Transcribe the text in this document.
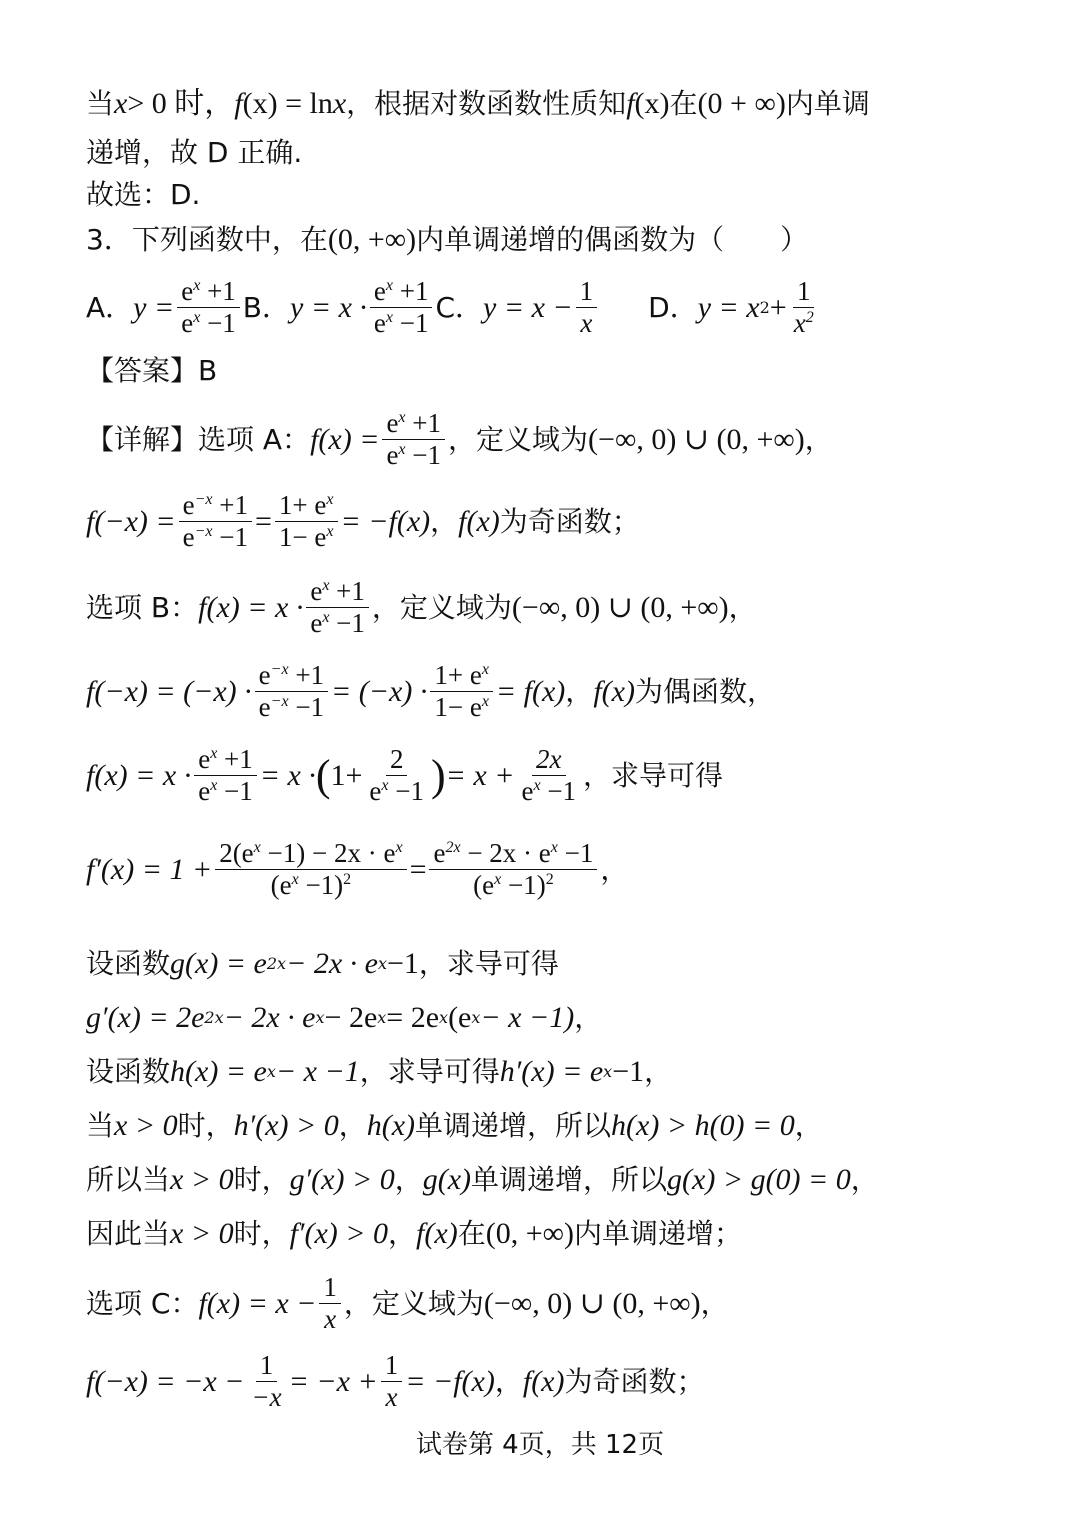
当 x > 0 时， f (x) = ln x ，根据对数函数性质知 f (x) 在 (0 + ∞) 内单调
递增，故 D 正确.
故选：D.
3．下列函数中，在 (0, +∞) 内单调递增的偶函数为（　　）
A． $y = \frac{e^x +1}{e^x -1}$ B． $y = x \cdot \frac{e^x +1}{e^x -1}$ C． $y = x - \frac{1}{x}$ D． y = x $2 + \frac{1}{x^2}$
【答案】B
【详解】选项 A： $f(x) = \frac{e^x +1}{e^x -1}$ ，定义域为 (−∞, 0) ∪ (0, +∞) ，
$f(-x) = \frac{e^{-x} +1}{e^{-x} -1} = \frac{1+ e^x}{1- e^x} = -f(x)$ ， f(x) 为奇函数；
选项 B： $f(x) = x \cdot \frac{e^x +1}{e^x -1}$ ，定义域为 (−∞, 0) ∪ (0, +∞) ，
$f(-x) = (-x) \cdot \frac{e^{-x} +1}{e^{-x} -1} = (-x) \cdot \frac{1+ e^x}{1- e^x} = f(x)$ ， f(x) 为偶函数，
$f(x) = x \cdot \frac{e^x +1}{e^x -1} = x$ · ( $1+ \frac{2}{e^x -1}$ ) = $x + \frac{2x}{e^x -1}$ ，求导可得
$f'(x) = 1 + \frac{2(e^x -1) - 2x \cdot e^x}{(e^x -1)^2} = \frac{e^{2x} - 2x \cdot e^x -1}{(e^x -1)^2}$ ，
设函数 g(x) = e 2x − 2x · e x −1 ，求导可得
g′(x) = 2e 2x − 2x · e x − 2e x = 2e x (e x − x −1) ，
设函数 h(x) = e x − x −1 ，求导可得 h′(x) = e x −1 ，
当 x > 0 时， h′(x) > 0 ， h(x) 单调递增，所以 h(x) > h(0) = 0 ，
所以当 x > 0 时， g′(x) > 0 ， g(x) 单调递增，所以 g(x) > g(0) = 0 ，
因此当 x > 0 时， f′(x) > 0 ， f(x) 在 (0, +∞) 内单调递增；
选项 C： $f(x) = x - \frac{1}{x}$ ，定义域为 (−∞, 0) ∪ (0, +∞) ，
$f(-x) = -x - \frac{1}{-x} = -x + \frac{1}{x} = -f(x)$ ， f(x) 为奇函数；
试卷第 4页，共 12页
